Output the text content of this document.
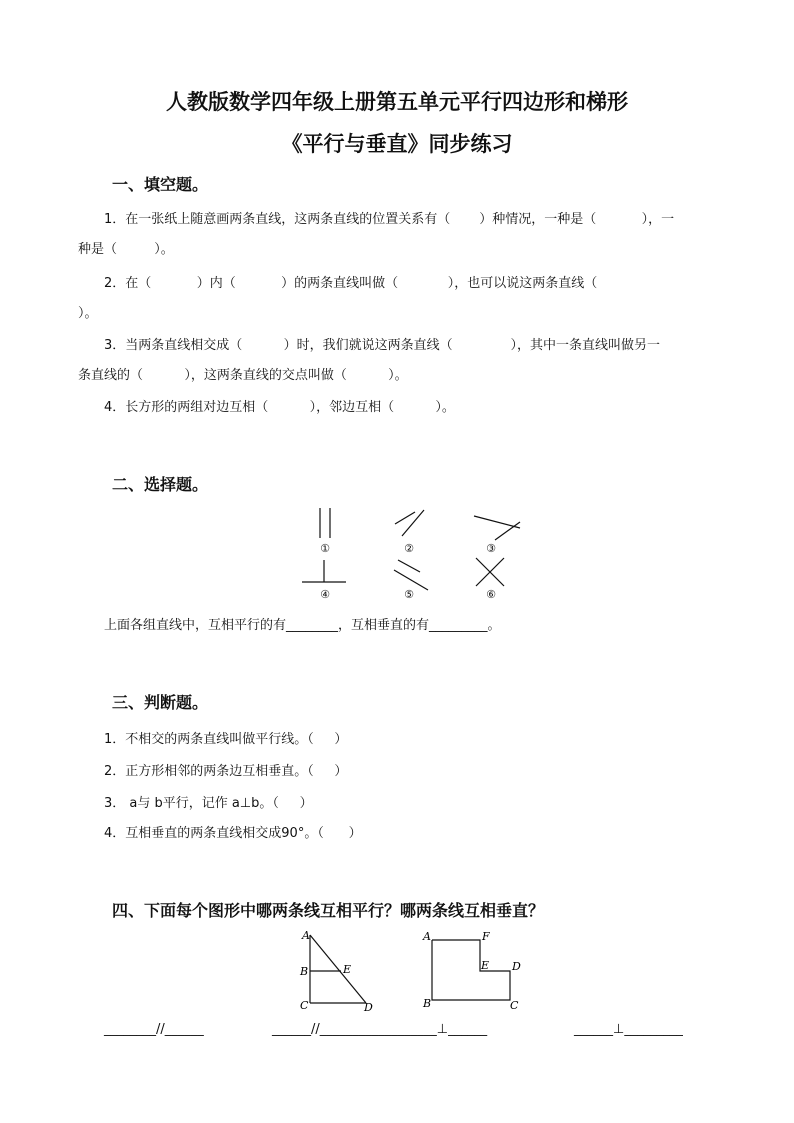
人教版数学四年级上册第五单元平行四边形和梯形
《平行与垂直》同步练习
一、填空题。
1．在一张纸上随意画两条直线，这两条直线的位置关系有（       ）种情况，一种是（           ），一
种是（         ）。
2．在（           ）内（           ）的两条直线叫做（            ），也可以说这两条直线（
）。
3．当两条直线相交成（          ）时，我们就说这两条直线（              ），其中一条直线叫做另一
条直线的（          ），这两条直线的交点叫做（          ）。
4．长方形的两组对边互相（          ），邻边互相（          ）。
二、选择题。
①	②	③
④	⑤	⑥
上面各组直线中，互相平行的有________，互相垂直的有_________。
三、判断题。
1．不相交的两条直线叫做平行线。（     ）
2．正方形相邻的两条边互相垂直。（     ）
3． a与 b平行，记作 a⊥b。（     ）
4．互相垂直的两条直线相交成90°。（      ）
四、下面每个图形中哪两条线互相平行？哪两条线互相垂直？
A
B	E
C	D
A	F
E D
B	C
________//______	______//__________________⊥______	______⊥_________
